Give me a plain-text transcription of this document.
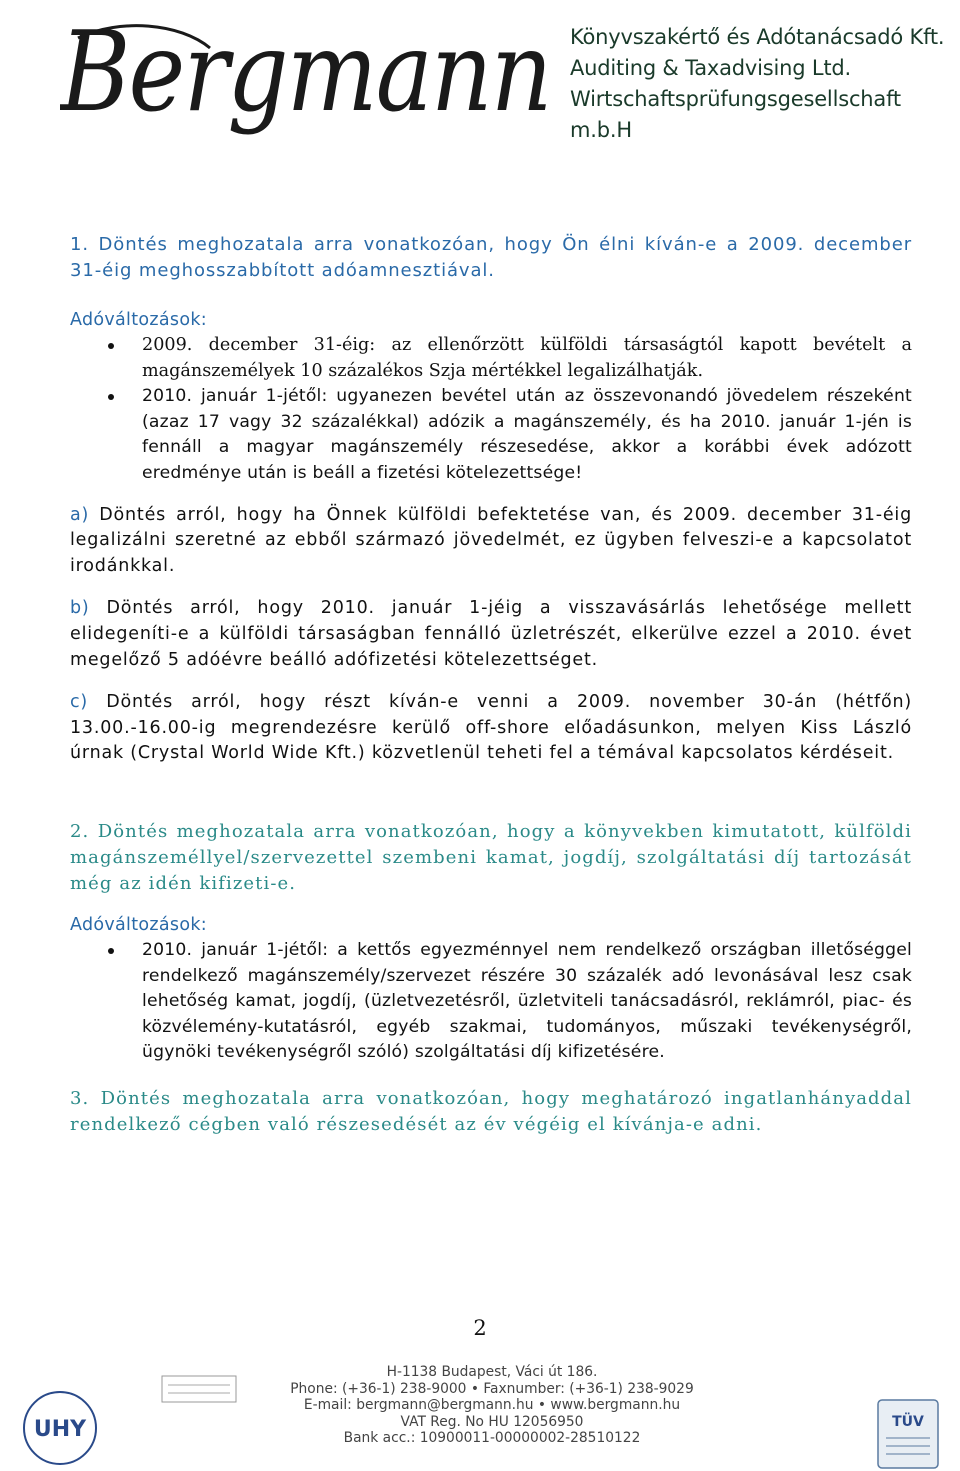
Bergmann Könyvszakértő és Adótanácsadó Kft.
Auditing & Taxadvising Ltd.
Wirtschaftsprüfungsgesellschaft m.b.H

1. Döntés meghozatala arra vonatkozóan, hogy Ön élni kíván-e a 2009. december 31-éig meghosszabbított adóamnesztiával.

Adóváltozások:
2009. december 31-éig: az ellenőrzött külföldi társaságtól kapott bevételt a magánszemélyek 10 százalékos Szja mértékkel legalizálhatják.
2010. január 1-jétől: ugyanezen bevétel után az összevonandó jövedelem részeként (azaz 17 vagy 32 százalékkal) adózik a magánszemély, és ha 2010. január 1-jén is fennáll a magyar magánszemély részesedése, akkor a korábbi évek adózott eredménye után is beáll a fizetési kötelezettsége!

a) Döntés arról, hogy ha Önnek külföldi befektetése van, és 2009. december 31-éig legalizálni szeretné az ebből származó jövedelmét, ez ügyben felveszi-e a kapcsolatot irodánkkal.

b) Döntés arról, hogy 2010. január 1-jéig a visszavásárlás lehetősége mellett elidegeníti-e a külföldi társaságban fennálló üzletrészét, elkerülve ezzel a 2010. évet megelőző 5 adóévre beálló adófizetési kötelezettséget.

c) Döntés arról, hogy részt kíván-e venni a 2009. november 30-án (hétfőn) 13.00.-16.00-ig megrendezésre kerülő off-shore előadásunkon, melyen Kiss László úrnak (Crystal World Wide Kft.) közvetlenül teheti fel a témával kapcsolatos kérdéseit.

2. Döntés meghozatala arra vonatkozóan, hogy a könyvekben kimutatott, külföldi magánszeméllyel/szervezettel szembeni kamat, jogdíj, szolgáltatási díj tartozását még az idén kifizeti-e.

Adóváltozások:
2010. január 1-jétől: a kettős egyezménnyel nem rendelkező országban illetőséggel rendelkező magánszemély/szervezet részére 30 százalék adó levonásával lesz csak lehetőség kamat, jogdíj, (üzletvezetésről, üzletviteli tanácsadásról, reklámról, piac- és közvélemény-kutatásról, egyéb szakmai, tudományos, műszaki tevékenységről, ügynöki tevékenységről szóló) szolgáltatási díj kifizetésére.

3. Döntés meghozatala arra vonatkozóan, hogy meghatározó ingatlanhányaddal rendelkező cégben való részesedését az év végéig el kívánja-e adni.

2
UHY
H-1138 Budapest, Váci út 186.
Phone: (+36-1) 238-9000 • Faxnumber: (+36-1) 238-9029
E-mail: bergmann@bergmann.hu • www.bergmann.hu
VAT Reg. No HU 12056950
Bank acc.: 10900011-00000002-28510122
TÜV
